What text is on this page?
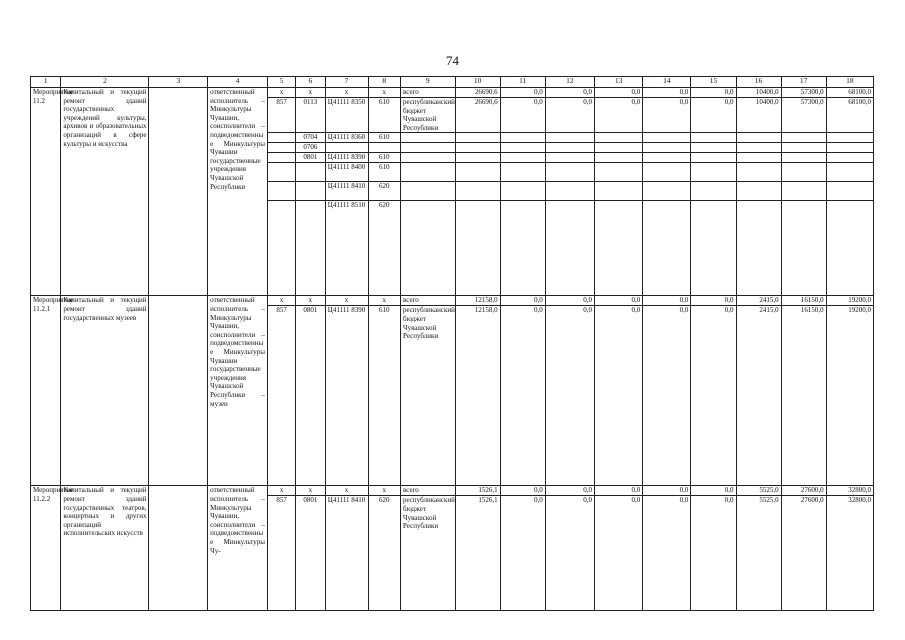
74
1	2	3	4	5	6	7	8	9	10	11	12	13	14	15	16	17	18
Мероприятие 11.2	Капитальный и текущий ремонт зданий государственных учреждений культуры, архивов и образовательных организаций в сфере культуры и искусства		ответственный исполнитель – Минкультуры Чувашии, соисполнители – подведомственные Минкультуры Чувашии государственные учреждения Чувашской Республики	x	x	x	x	всего	26690,6	0,0	0,0	0,0	0,0	0,0	10400,0	57300,0	68100,0
				857	0113	Ц41111 8350	610	республиканский бюджет Чувашской Республики	26690,6	0,0	0,0	0,0	0,0	0,0	10400,0	57300,0	68100,0
					0704	Ц41111 8360	610										
					0706												
					0801	Ц41111 8390	610										
						Ц41111 8400	610										
						Ц41111 8410	620										
						Ц41111 8510	620										
Мероприятие 11.2.1	Капитальный и текущий ремонт зданий государственных музеев		ответственный исполнитель – Минкультуры Чувашии, соисполнители – подведомственные Минкультуры Чувашии государственные учреждения Чувашской Республики – музеи	x	x	x	x	всего	12158,0	0,0	0,0	0,0	0,0	0,0	2415,0	16150,0	19200,0
				857	0801	Ц41111 8390	610	республиканский бюджет Чувашской Республики	12158,0	0,0	0,0	0,0	0,0	0,0	2415,0	16150,0	19200,0
Мероприятие 11.2.2	Капитальный и текущий ремонт зданий государственных театров, концертных и других организаций исполнительских искусств		ответственный исполнитель – Минкультуры Чувашии, соисполнители – подведомственные Минкультуры Чу-	x	x	x	x	всего	1526,1	0,0	0,0	0,0	0,0	0,0	5525,0	27600,0	32800,0
				857	0801	Ц41111 8410	620	республиканский бюджет Чувашской Республики	1526,1	0,0	0,0	0,0	0,0	0,0	5525,0	27600,0	32800,0
